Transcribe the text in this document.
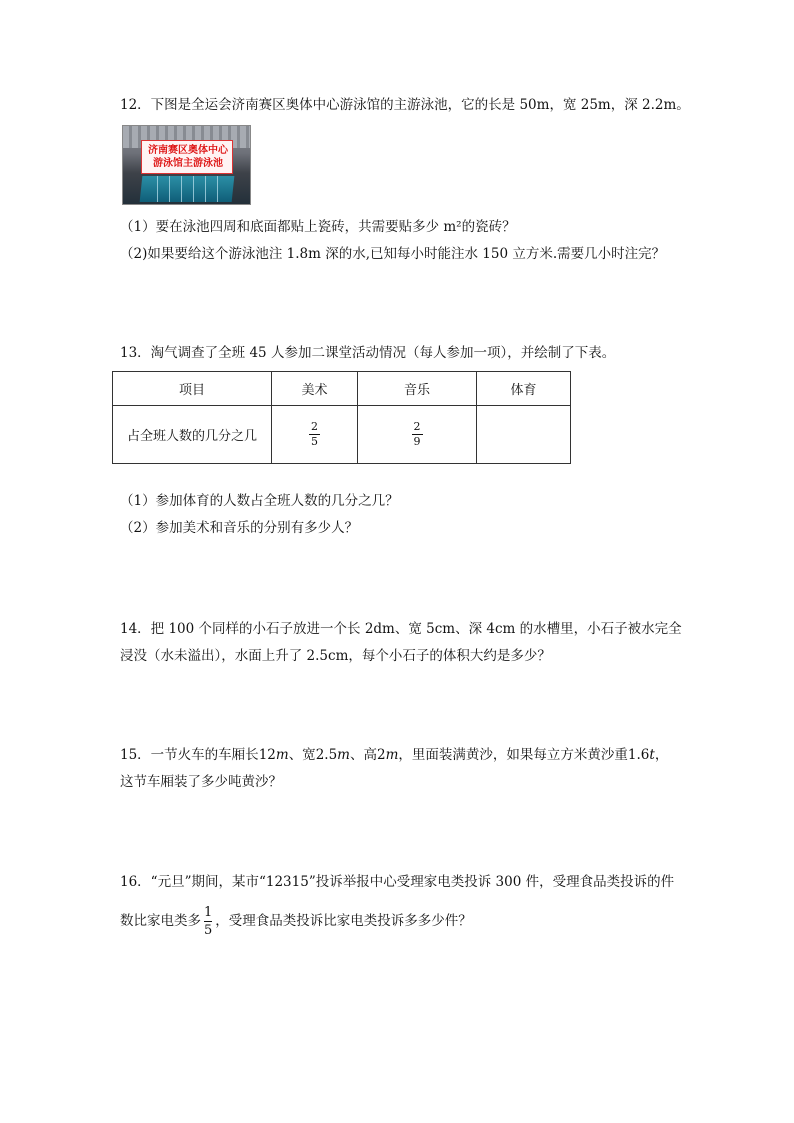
12．下图是全运会济南赛区奥体中心游泳馆的主游泳池，它的长是 50m，宽 25m，深 2.2m。
济南赛区奥体中心
游泳馆主游泳池
（1）要在泳池四周和底面都贴上瓷砖，共需要贴多少 m²的瓷砖？
（2)如果要给这个游泳池注 1.8m 深的水,已知每小时能注水 150 立方米.需要几小时注完？
13．淘气调查了全班 45 人参加二课堂活动情况（每人参加一项），并绘制了下表。
项目	美术	音乐	体育
占全班人数的几分之几	$\frac{2}{5}$	$\frac{2}{9}$

（1）参加体育的人数占全班人数的几分之几？
（2）参加美术和音乐的分别有多少人？
14．把 100 个同样的小石子放进一个长 2dm、宽 5cm、深 4cm 的水槽里，小石子被水完全
浸没（水未溢出），水面上升了 2.5cm，每个小石子的体积大约是多少？
15．一节火车的车厢长12m、宽2.5m、高2m，里面装满黄沙，如果每立方米黄沙重1.6t，
这节车厢装了多少吨黄沙？
16．“元旦”期间，某市“12315”投诉举报中心受理家电类投诉 300 件，受理食品类投诉的件
数比家电类多 $\frac{1}{5}$ ，受理食品类投诉比家电类投诉多多少件？
